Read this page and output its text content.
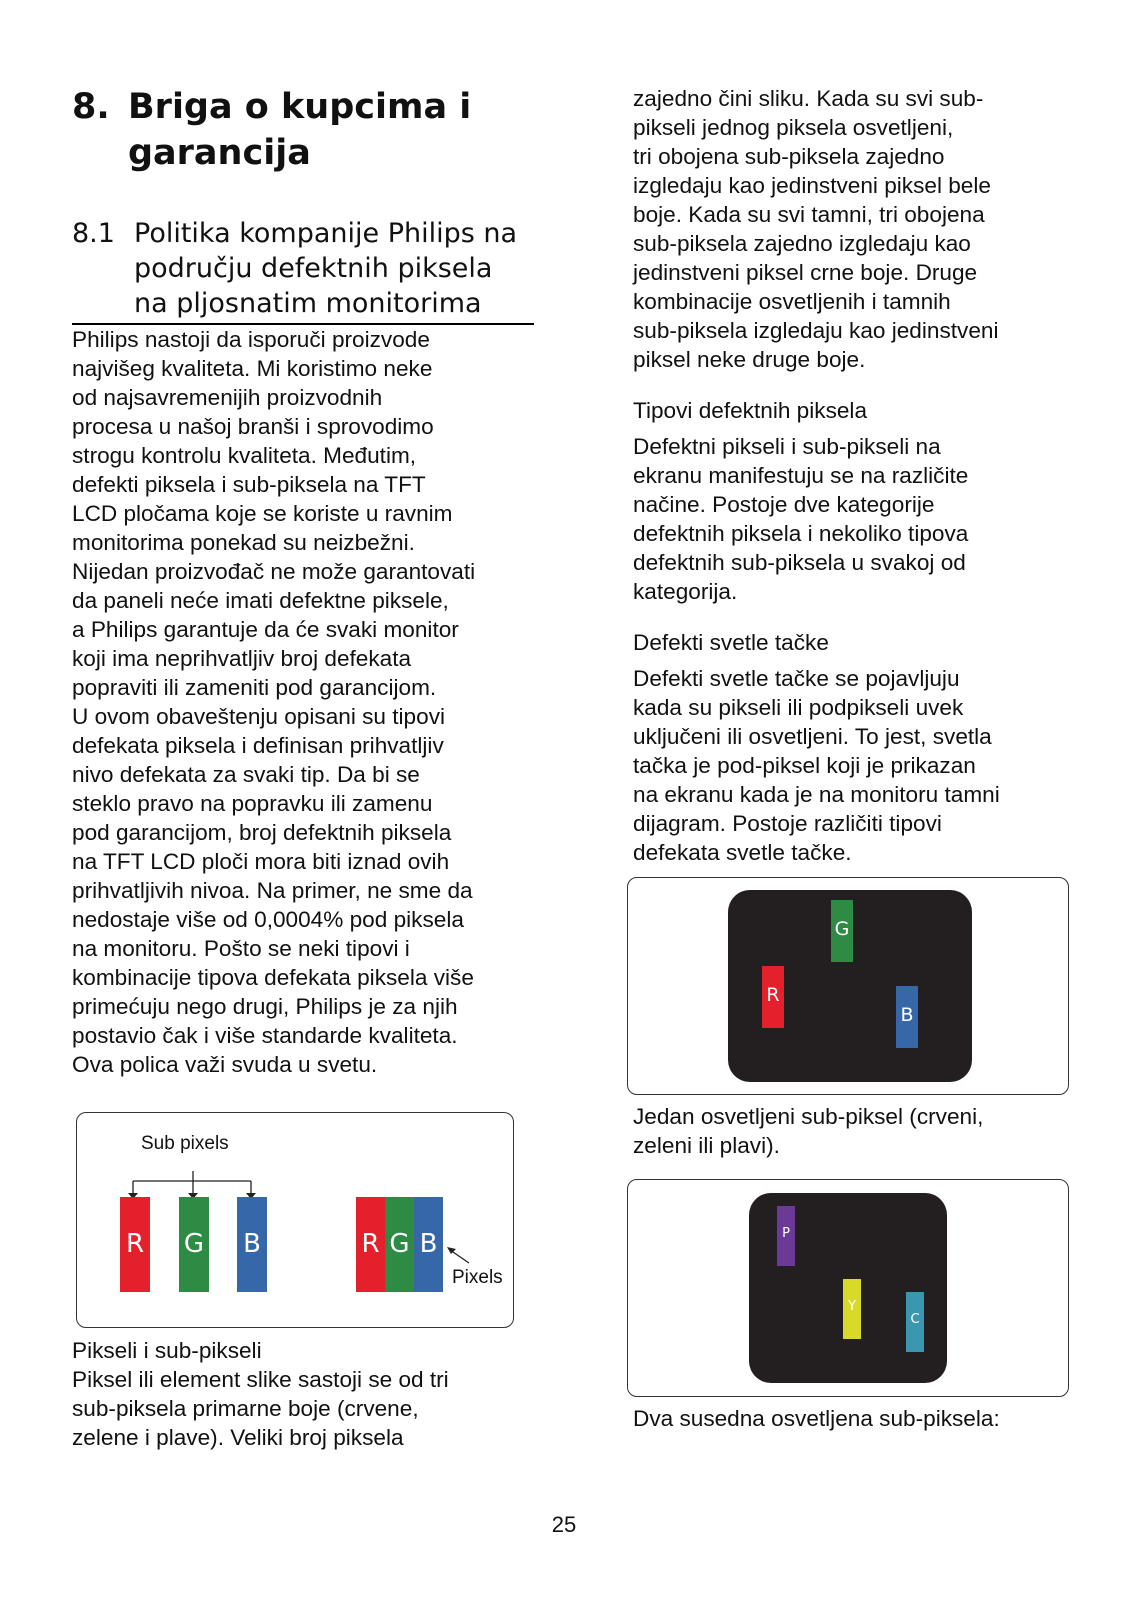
8. Briga o kupcima i garancija
8.1 Politika kompanije Philips na području defektnih piksela na pljosnatim monitorima

Philips nastoji da isporuči proizvode
najvišeg kvaliteta. Mi koristimo neke
od najsavremenijih proizvodnih
procesa u našoj branši i sprovodimo
strogu kontrolu kvaliteta. Međutim,
defekti piksela i sub-piksela na TFT
LCD pločama koje se koriste u ravnim
monitorima ponekad su neizbežni.
Nijedan proizvođač ne može garantovati
da paneli neće imati defektne piksele,
a Philips garantuje da će svaki monitor
koji ima neprihvatljiv broj defekata
popraviti ili zameniti pod garancijom.
U ovom obaveštenju opisani su tipovi
defekata piksela i definisan prihvatljiv
nivo defekata za svaki tip. Da bi se
steklo pravo na popravku ili zamenu
pod garancijom, broj defektnih piksela
na TFT LCD ploči mora biti iznad ovih
prihvatljivih nivoa. Na primer, ne sme da
nedostaje više od 0,0004% pod piksela
na monitoru. Pošto se neki tipovi i
kombinacije tipova defekata piksela više
primećuju nego drugi, Philips je za njih
postavio čak i više standarde kvaliteta.
Ova polica važi svuda u svetu.

Sub pixels
R G B	R G B
Pixels
Pikseli i sub-pikseli
Piksel ili element slike sastoji se od tri
sub-piksela primarne boje (crvene,
zelene i plave). Veliki broj piksela

zajedno čini sliku. Kada su svi sub-
pikseli jednog piksela osvetljeni,
tri obojena sub-piksela zajedno
izgledaju kao jedinstveni piksel bele
boje. Kada su svi tamni, tri obojena
sub-piksela zajedno izgledaju kao
jedinstveni piksel crne boje. Druge
kombinacije osvetljenih i tamnih
sub-piksela izgledaju kao jedinstveni
piksel neke druge boje.

Tipovi defektnih piksela

Defektni pikseli i sub-pikseli na
ekranu manifestuju se na različite
načine. Postoje dve kategorije
defektnih piksela i nekoliko tipova
defektnih sub-piksela u svakoj od
kategorija.

Defekti svetle tačke

Defekti svetle tačke se pojavljuju
kada su pikseli ili podpikseli uvek
uključeni ili osvetljeni. To jest, svetla
tačka je pod-piksel koji je prikazan
na ekranu kada je na monitoru tamni
dijagram. Postoje različiti tipovi
defekata svetle tačke.

G
R
B
Jedan osvetljeni sub-piksel (crveni,
zeleni ili plavi).
P
Y
C
Dva susedna osvetljena sub-piksela:
25
